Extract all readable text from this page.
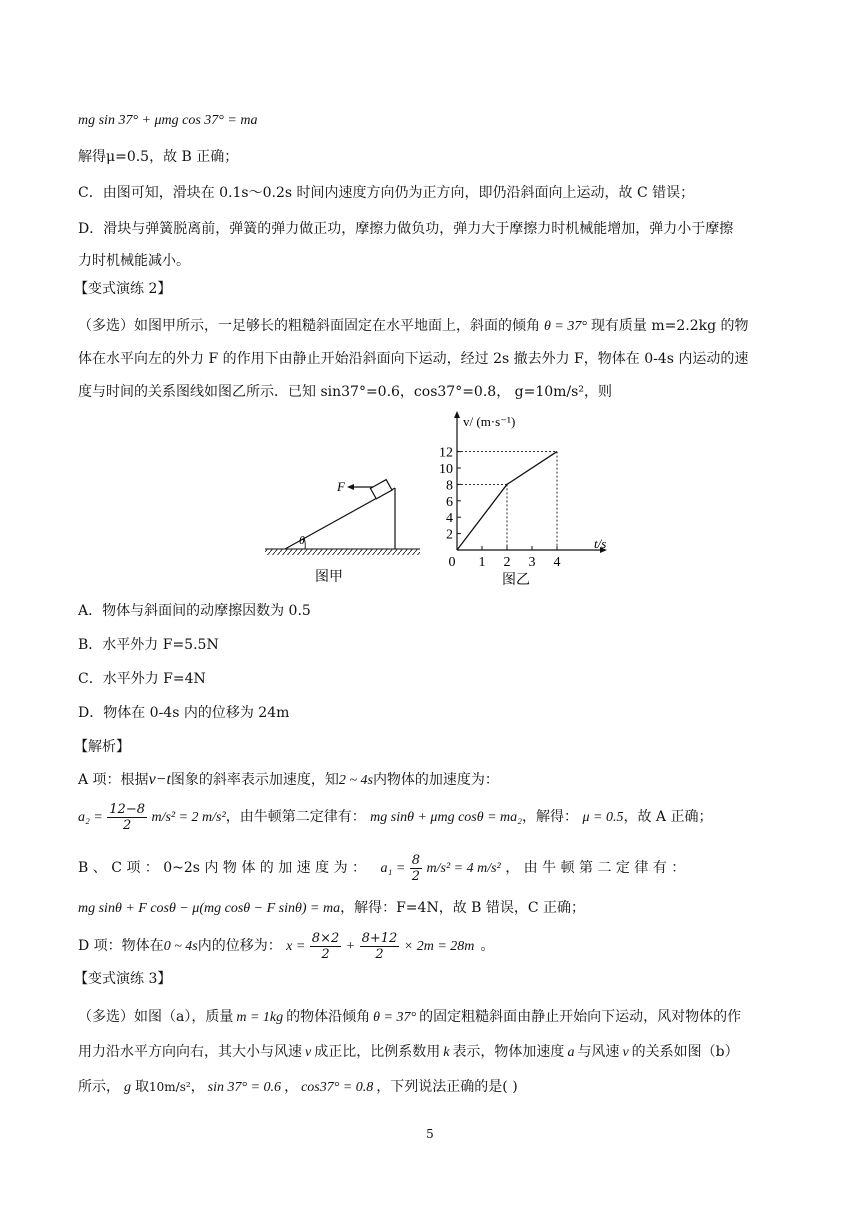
mg sin 37° + μmg cos 37° = ma
解得μ=0.5，故 B 正确；
C．由图可知，滑块在 0.1s～0.2s 时间内速度方向仍为正方向，即仍沿斜面向上运动，故 C 错误；
D．滑块与弹簧脱离前，弹簧的弹力做正功，摩擦力做负功，弹力大于摩擦力时机械能增加，弹力小于摩擦
力时机械能减小。
【变式演练 2】
（多选）如图甲所示，一足够长的粗糙斜面固定在水平地面上，斜面的倾角 θ = 37° 现有质量 m=2.2kg 的物
体在水平向左的外力 F 的作用下由静止开始沿斜面向下运动，经过 2s 撤去外力 F，物体在 0-4s 内运动的速
度与时间的关系图线如图乙所示．已知 sin37°=0.6，cos37°=0.8， g=10m/s²，则
θ
F
图甲
v/ (m·s⁻¹)
t/s
2
4
6
8
10
12
0 1 2 3 4
图乙
A．物体与斜面间的动摩擦因数为 0.5
B．水平外力 F=5.5N
C．水平外力 F=4N
D．物体在 0-4s 内的位移为 24m
【解析】
A 项：根据v−t图象的斜率表示加速度，知2 ~ 4s内物体的加速度为：
$a_2 = \frac{12-8}{2} m/s^2 = 2$ m/s²，由牛顿第二定律有： mg sinθ + μmg cosθ = ma₂，解得： μ = 0.5，故 A 正确；
B 、 C 项 ： 0~2s 内 物 体 的 加 速 度 为 ： $a_1 = \frac{8}{2} m/s^2 = 4$ m/s² ， 由 牛 顿 第 二 定 律 有 ：
mg sinθ + F cosθ − μ(mg cosθ − F sinθ) = ma，解得：F=4N，故 B 错误，C 正确；
D 项：物体在0 ~ 4s内的位移为： $x = \frac{8\times 2}{2} + \frac{8+12}{2} \times 2m = 28m$ 。
【变式演练 3】
（多选）如图（a），质量 m = 1kg 的物体沿倾角 θ = 37° 的固定粗糙斜面由静止开始向下运动，风对物体的作
用力沿水平方向向右，其大小与风速 v 成正比，比例系数用 k 表示，物体加速度 a 与风速 v 的关系如图（b）
所示， g 取10m/s²， sin 37° = 0.6 ， cos37° = 0.8 ，下列说法正确的是( )
5
